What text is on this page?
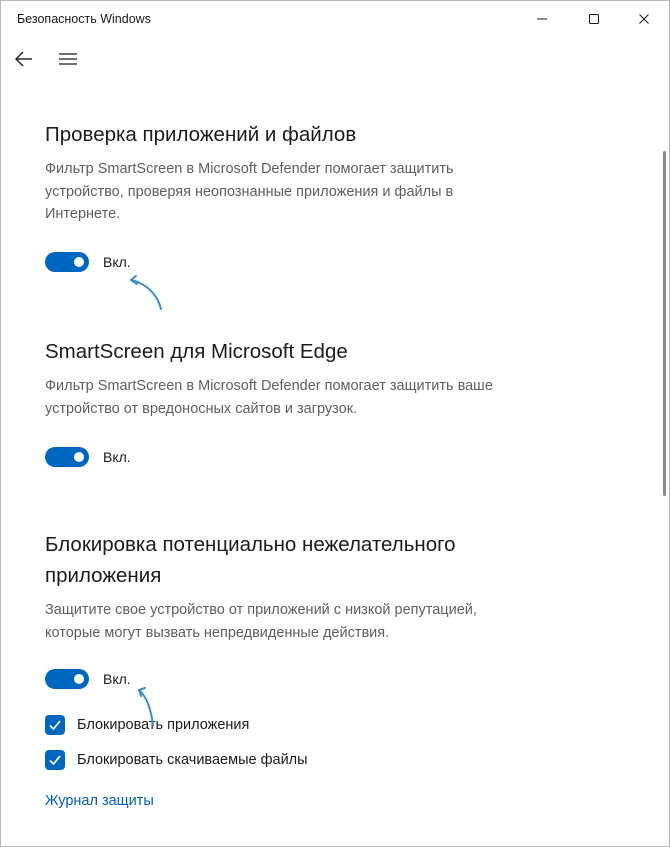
Безопасность Windows
Проверка приложений и файлов

Фильтр SmartScreen в Microsoft Defender помогает защитить устройство, проверяя неопознанные приложения и файлы в Интернете.

Вкл.
SmartScreen для Microsoft Edge

Фильтр SmartScreen в Microsoft Defender помогает защитить ваше устройство от вредоносных сайтов и загрузок.

Вкл.
Блокировка потенциально нежелательного приложения

Защитите свое устройство от приложений с низкой репутацией, которые могут вызвать непредвиденные действия.

Вкл.
Блокировать приложения
Блокировать скачиваемые файлы
Журнал защиты
